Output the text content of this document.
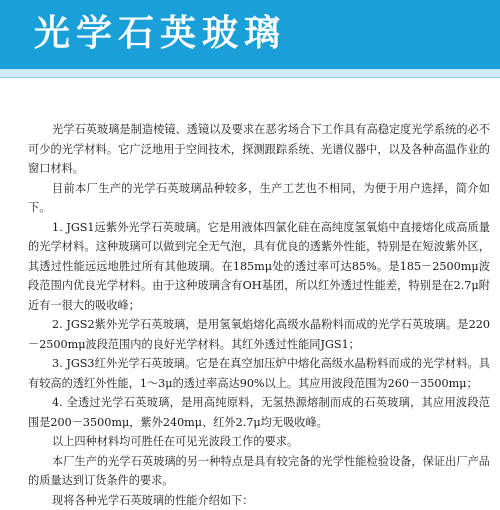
光学石英玻璃

光学石英玻璃是制造棱镜、透镜以及要求在恶劣场合下工作具有高稳定度光学系统的必不可少的光学材料。它广泛地用于空间技术，探测跟踪系统、光谱仪器中，以及各种高温作业的窗口材料。

目前本厂生产的光学石英玻璃品种较多，生产工艺也不相同，为便于用户选择，简介如下。

1. JGS1远紫外光学石英玻璃。它是用液体四氯化硅在高纯度氢氧焰中直接熔化成高质量的光学材料。这种玻璃可以做到完全无气泡，具有优良的透紫外性能，特别是在短波紫外区，其透过性能远远地胜过所有其他玻璃。在185mμ处的透过率可达85%。是185－2500mμ波段范围内优良光学材料。由于这种玻璃含有OH基团，所以红外透过性能差，特别是在2.7μ附近有一很大的吸收峰；

2. JGS2紫外光学石英玻璃，是用氢氧焰熔化高级水晶粉料而成的光学石英玻璃。是220－2500mμ波段范围内的良好光学材料。其红外透过性能同JGS1；

3. JGS3红外光学石英玻璃。它是在真空加压炉中熔化高级水晶粉料而成的光学材料。具有较高的透红外性能，1～3μ的透过率高达90%以上。其应用波段范围为260－3500mμ；

4. 全透过光学石英玻璃，是用高纯原料，无氢热源熔制而成的石英玻璃，其应用波段范围是200－3500mμ，紫外240mμ、红外2.7μ均无吸收峰。

以上四种材料均可胜任在可见光波段工作的要求。

本厂生产的光学石英玻璃的另一种特点是具有较完备的光学性能检验设备，保证出厂产品的质量达到订货条件的要求。

现将各种光学石英玻璃的性能介绍如下：
